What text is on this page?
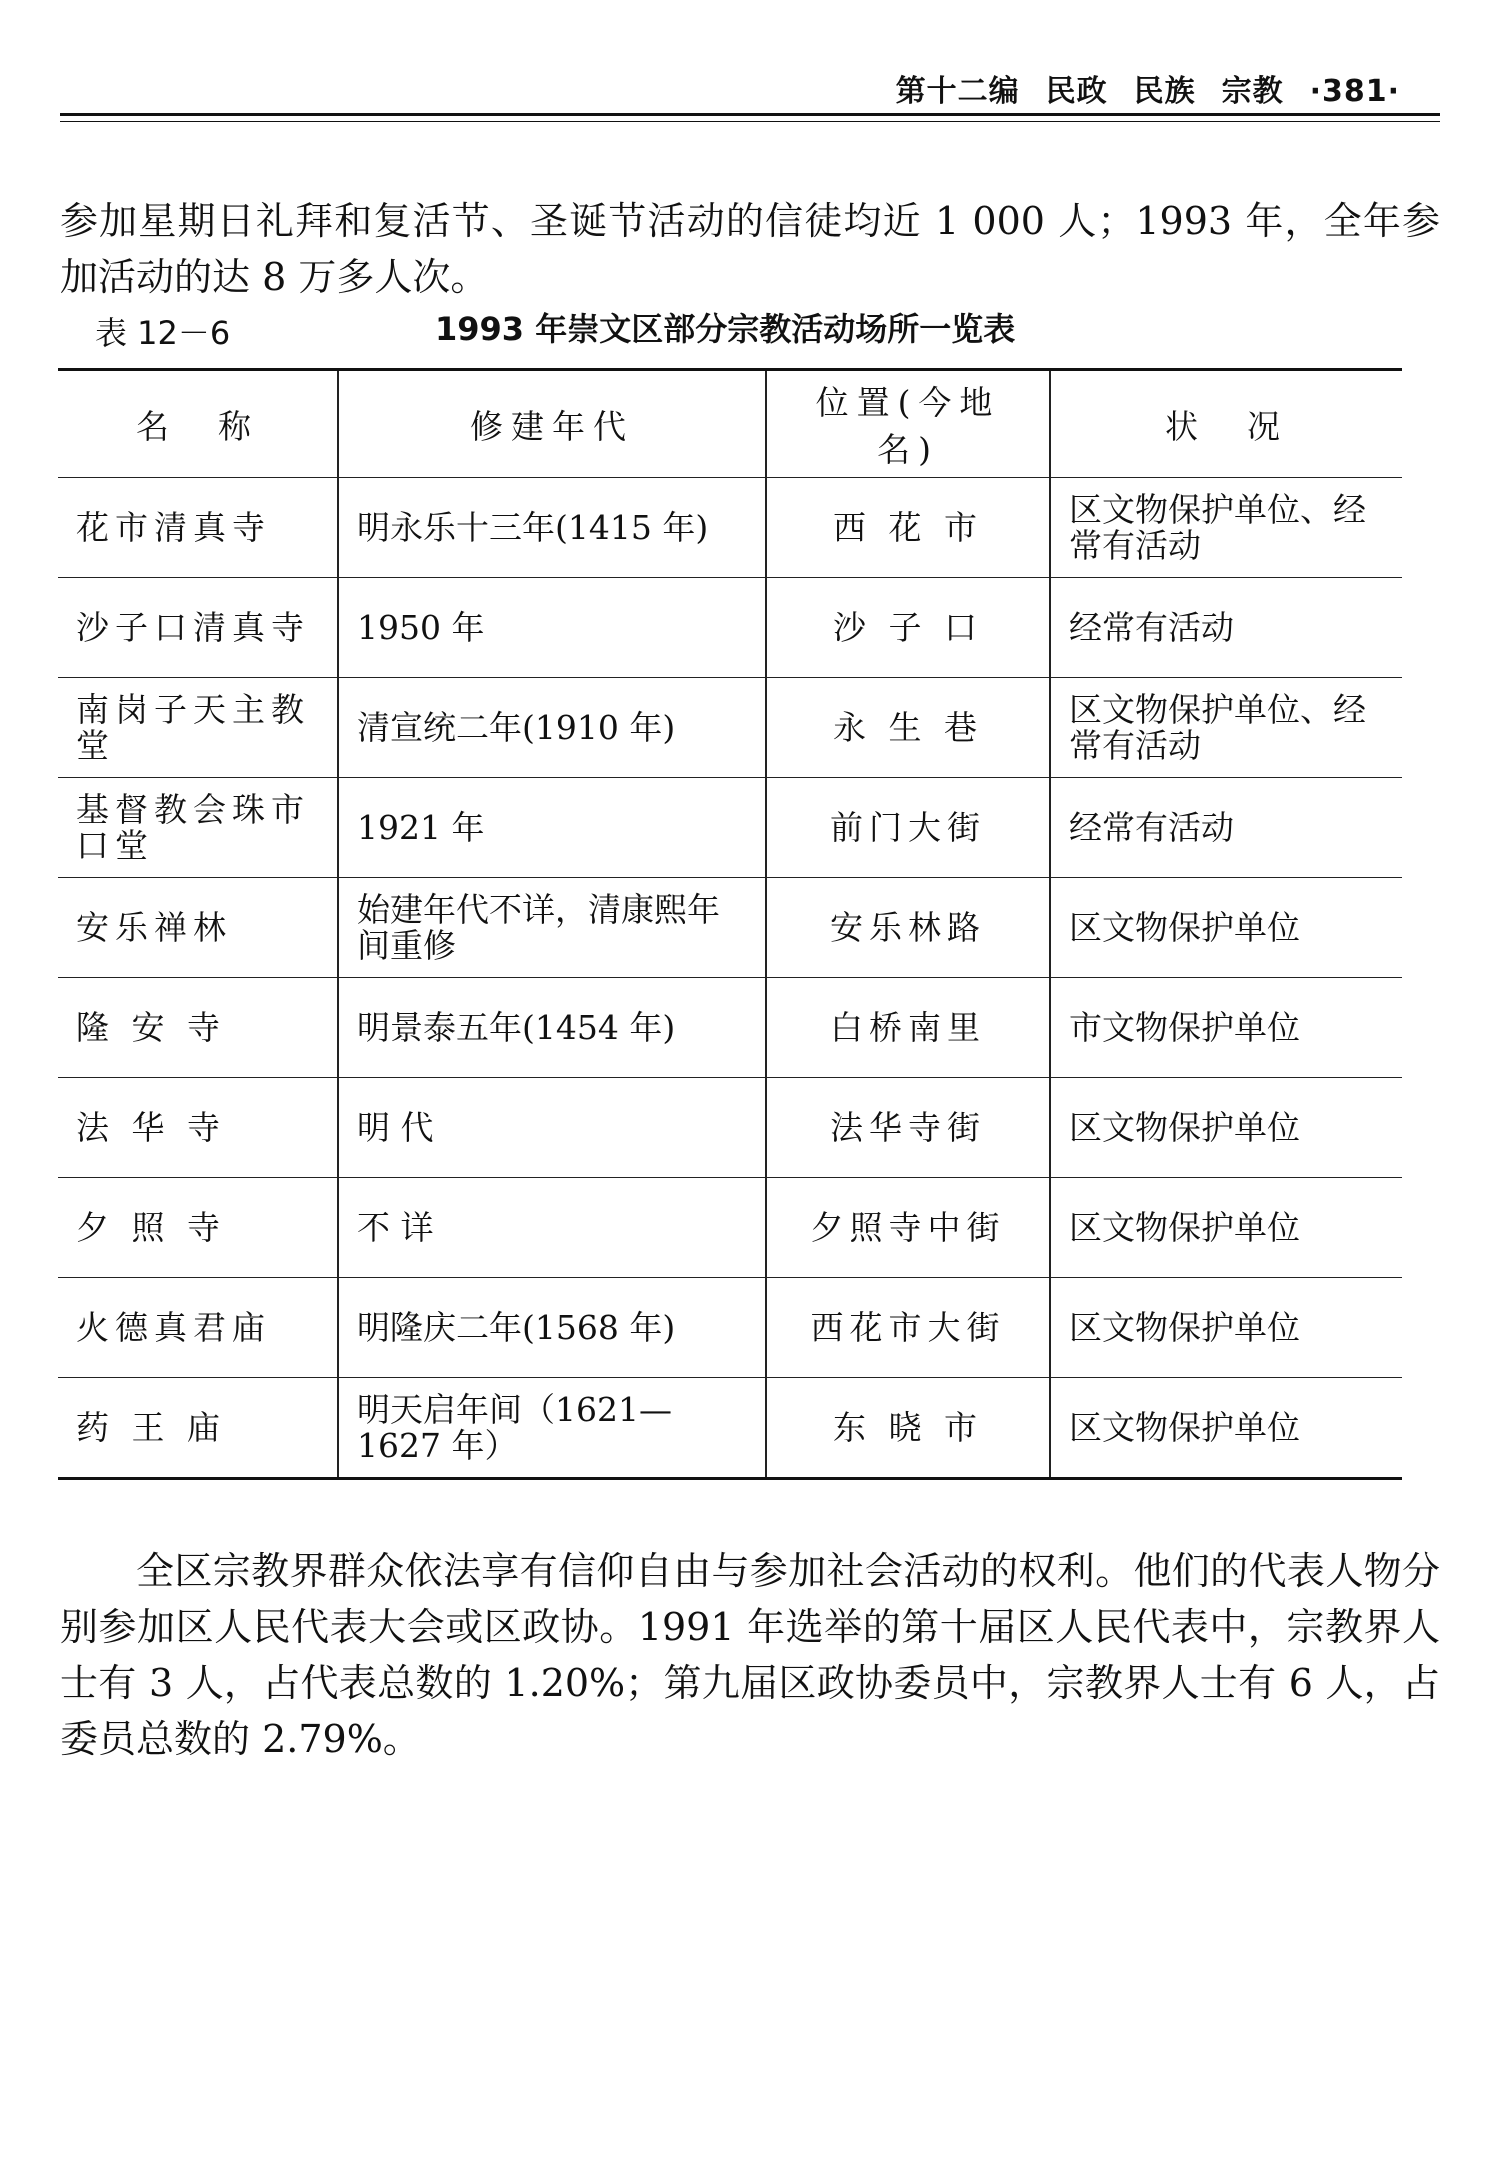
第十二编 民政 民族 宗教 ·381·

参加星期日礼拜和复活节、圣诞节活动的信徒均近 1 000 人；1993 年，全年参加活动的达 8 万多人次。

表 12－6	1993 年崇文区部分宗教活动场所一览表
名　称	修建年代	位置(今地名)	状　况
花市清真寺	明永乐十三年(1415 年)	西 花 市	区文物保护单位、经常有活动
沙子口清真寺	1950 年	沙 子 口	经常有活动
南岗子天主教堂	清宣统二年(1910 年)	永 生 巷	区文物保护单位、经常有活动
基督教会珠市口堂	1921 年	前门大街	经常有活动
安乐禅林	始建年代不详，清康熙年间重修	安乐林路	区文物保护单位
隆 安 寺	明景泰五年(1454 年)	白桥南里	市文物保护单位
法 华 寺	明 代	法华寺街	区文物保护单位
夕 照 寺	不 详	夕照寺中街	区文物保护单位
火德真君庙	明隆庆二年(1568 年)	西花市大街	区文物保护单位
药 王 庙	明天启年间（1621—1627 年）	东 晓 市	区文物保护单位

全区宗教界群众依法享有信仰自由与参加社会活动的权利。他们的代表人物分别参加区人民代表大会或区政协。1991 年选举的第十届区人民代表中，宗教界人士有 3 人，占代表总数的 1.20%；第九届区政协委员中，宗教界人士有 6 人，占委员总数的 2.79%。
